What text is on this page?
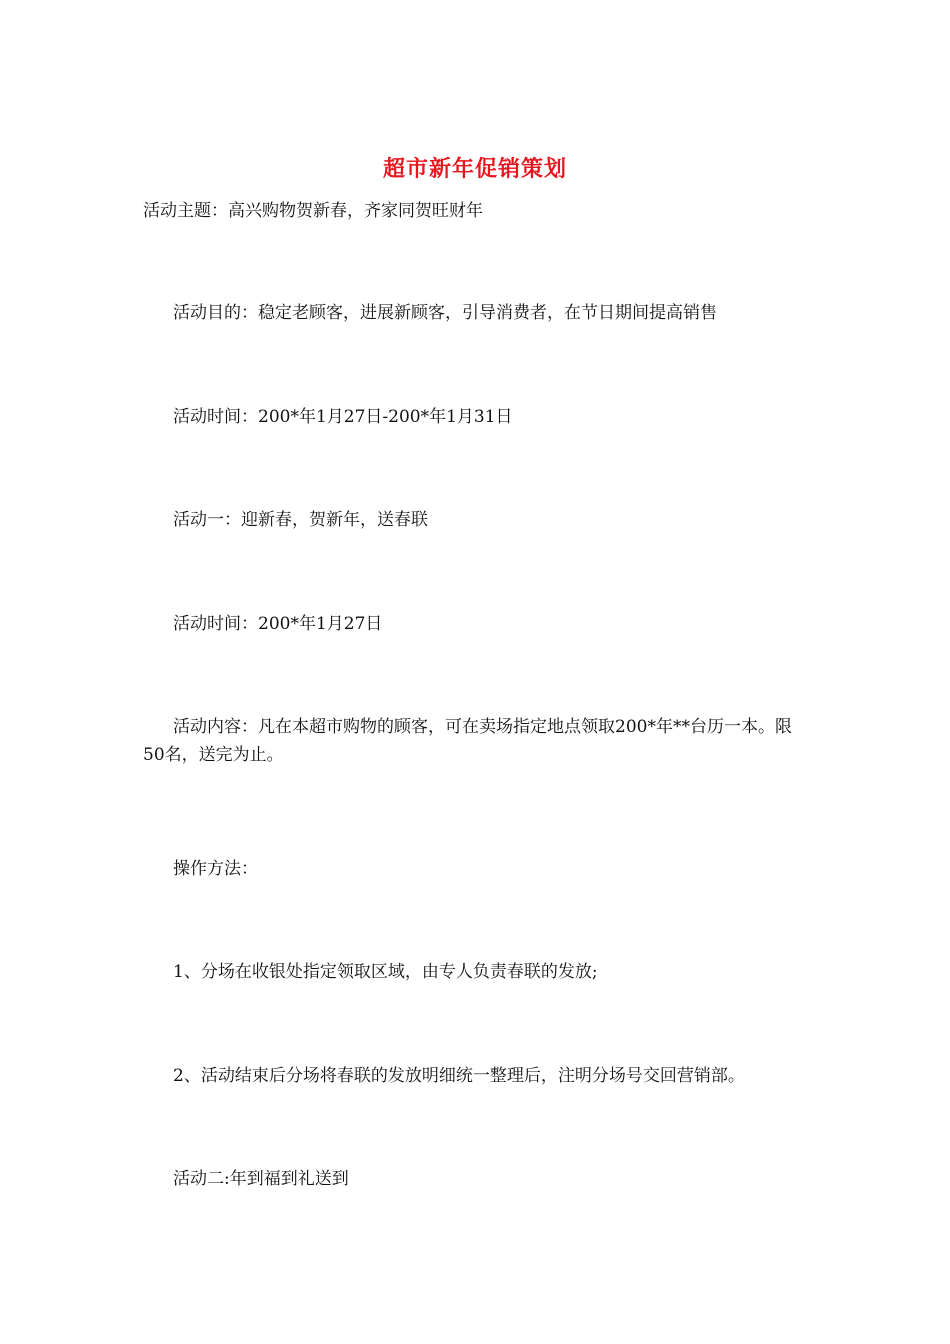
超市新年促销策划

活动主题：高兴购物贺新春，齐家同贺旺财年

活动目的：稳定老顾客，进展新顾客，引导消费者，在节日期间提高销售

活动时间：200*年1月27日-200*年1月31日

活动一：迎新春，贺新年，送春联

活动时间：200*年1月27日

活动内容：凡在本超市购物的顾客，可在卖场指定地点领取200*年**台历一本。限50名，送完为止。

操作方法：

1、分场在收银处指定领取区域，由专人负责春联的发放;

2、活动结束后分场将春联的发放明细统一整理后，注明分场号交回营销部。

活动二:年到福到礼送到
